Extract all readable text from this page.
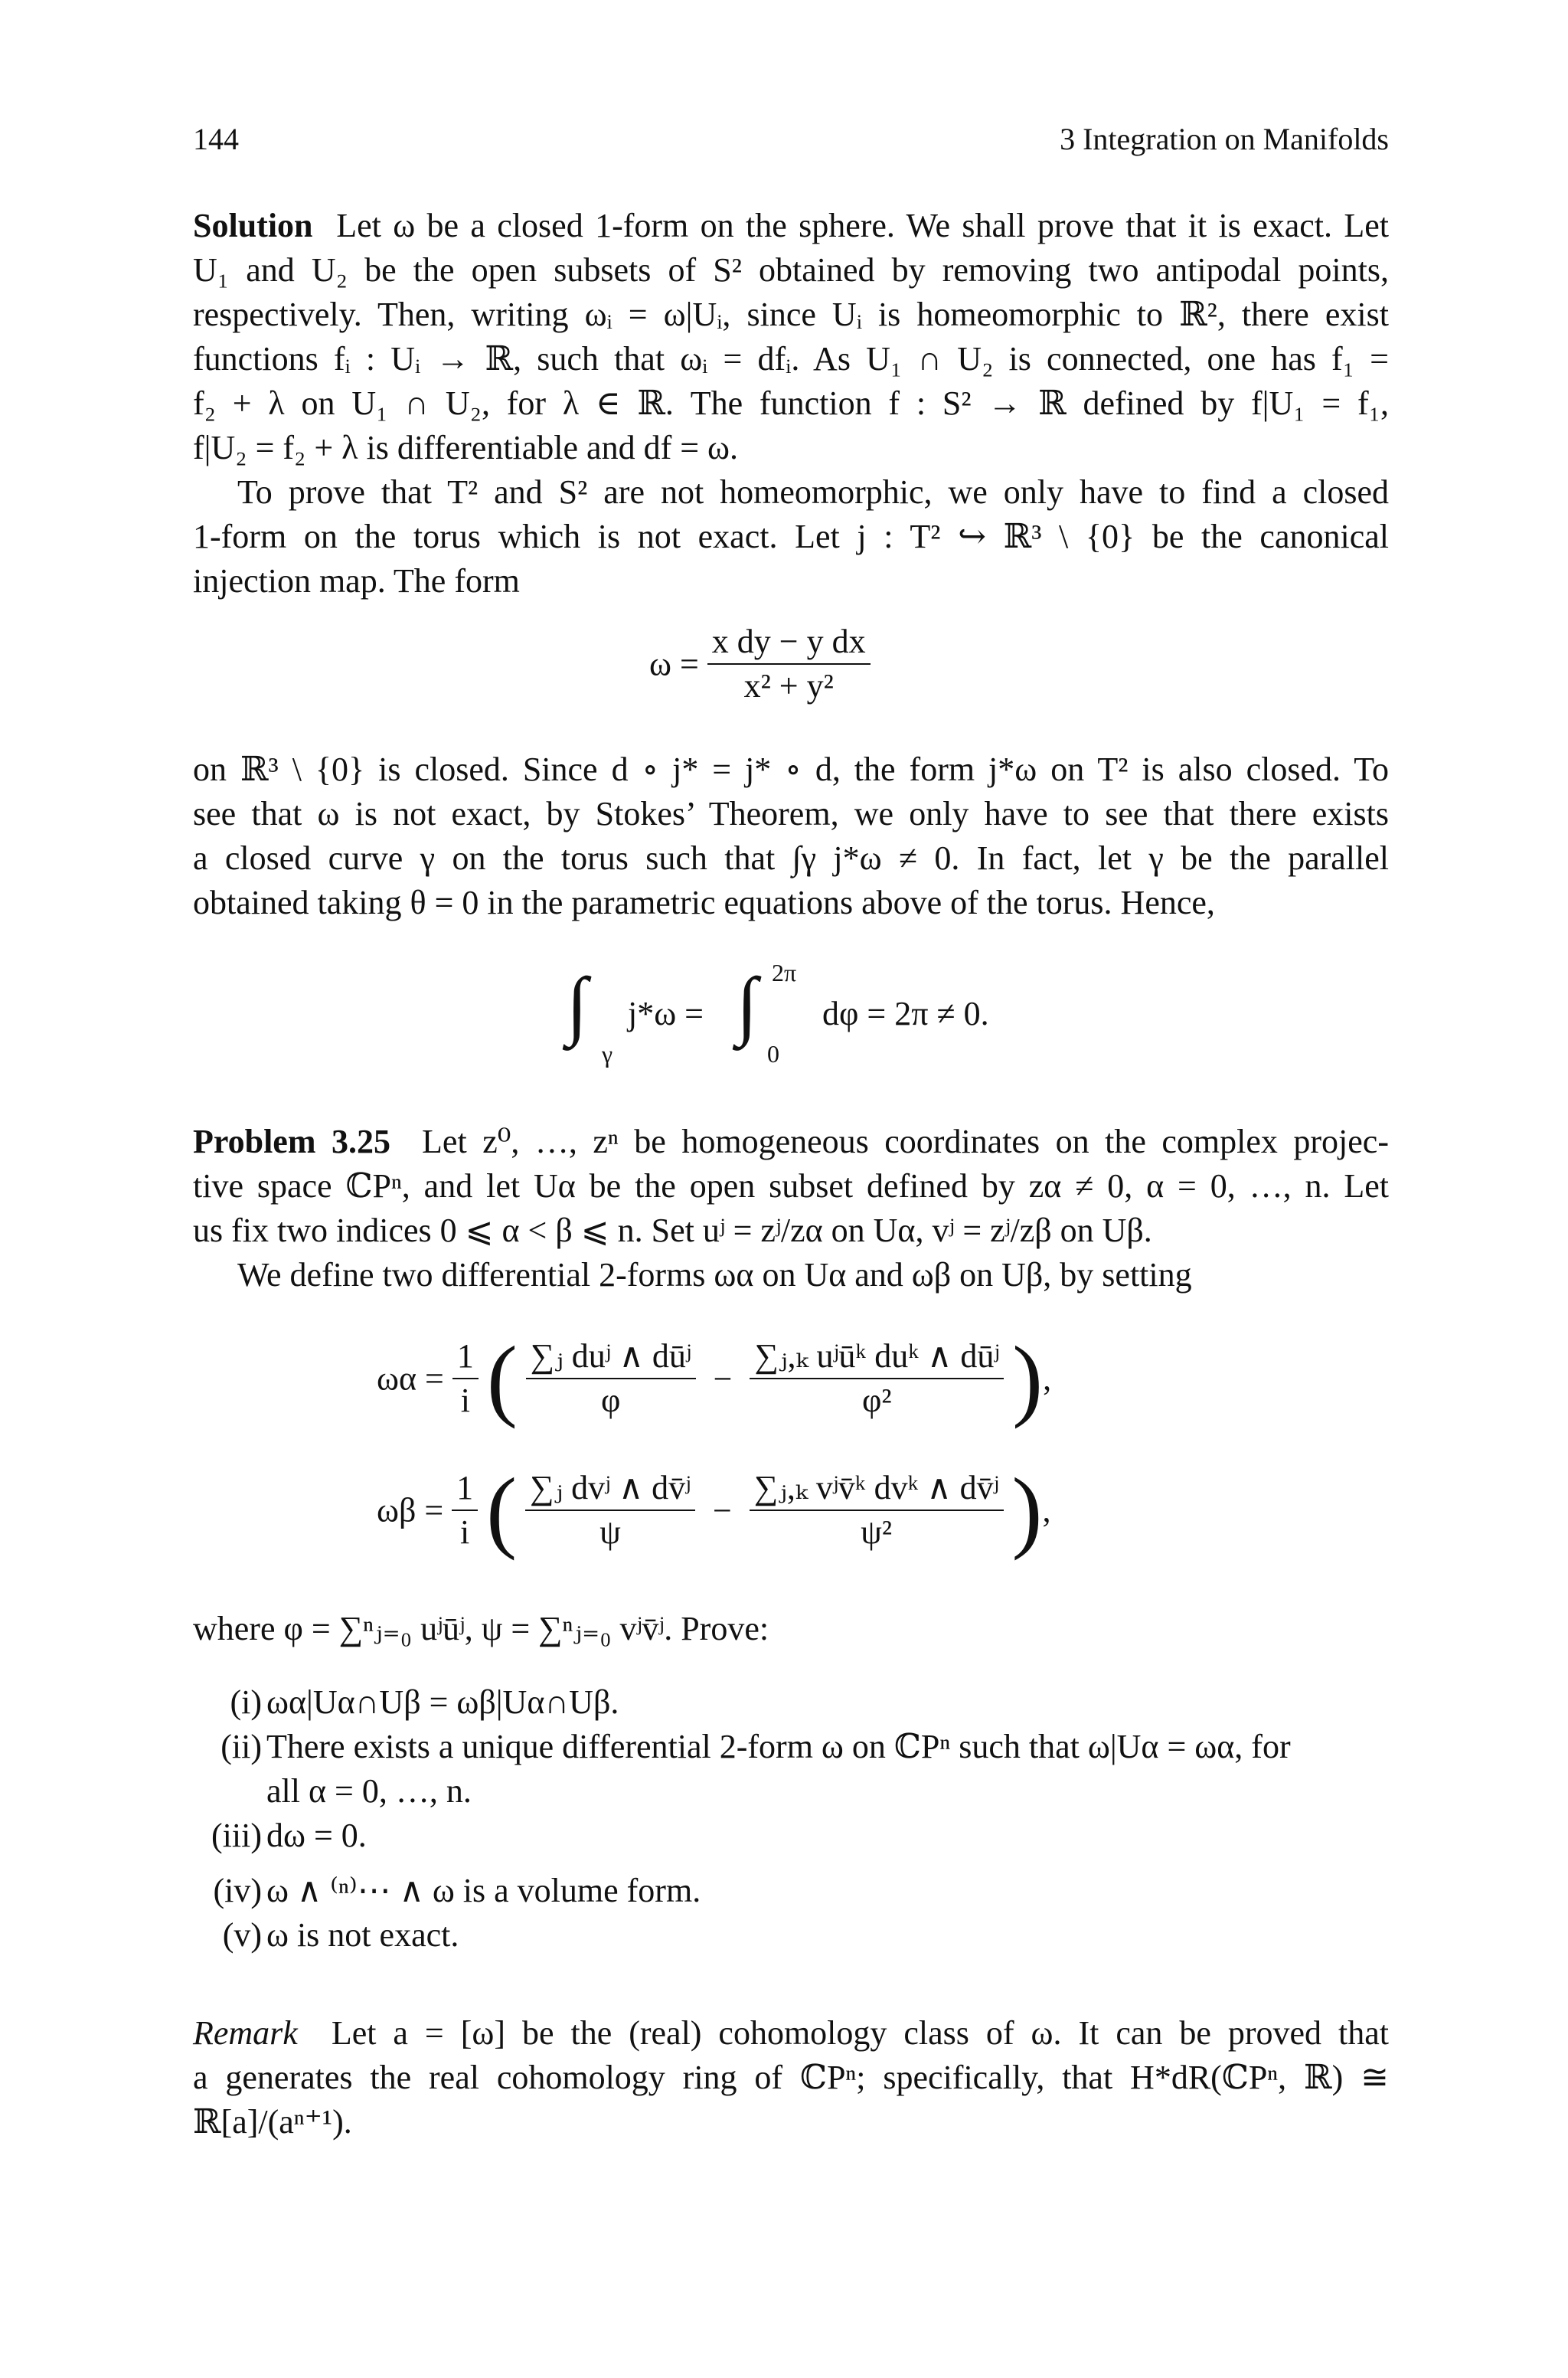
144	3 Integration on Manifolds
Solution Let ω be a closed 1-form on the sphere. We shall prove that it is exact. Let
U₁ and U₂ be the open subsets of S² obtained by removing two antipodal points,
respectively. Then, writing ωᵢ = ω|Uᵢ, since Uᵢ is homeomorphic to ℝ², there exist
functions fᵢ : Uᵢ → ℝ, such that ωᵢ = dfᵢ. As U₁ ∩ U₂ is connected, one has f₁ =
f₂ + λ on U₁ ∩ U₂, for λ ∈ ℝ. The function f : S² → ℝ defined by f|U₁ = f₁,
f|U₂ = f₂ + λ is differentiable and df = ω.
To prove that T² and S² are not homeomorphic, we only have to find a closed
1-form on the torus which is not exact. Let j : T² ↪ ℝ³ \ {0} be the canonical
injection map. The form
$\omega = \frac{\text{x dy − y dx}}{\text{x² + y²}}$
on ℝ³ \ {0} is closed. Since d ∘ j* = j* ∘ d, the form j*ω on T² is also closed. To
see that ω is not exact, by Stokes’ Theorem, we only have to see that there exists
a closed curve γ on the torus such that ∫γ j*ω ≠ 0. In fact, let γ be the parallel
obtained taking θ = 0 in the parametric equations above of the torus. Hence,
∫
γ
j*ω = ∫ 2π
0
dφ = 2π ≠ 0.
Problem 3.25 Let z⁰, …, zⁿ be homogeneous coordinates on the complex projec-
tive space ℂPⁿ, and let Uα be the open subset defined by zα ≠ 0, α = 0, …, n. Let
us fix two indices 0 ⩽ α < β ⩽ n. Set uʲ = zʲ/zα on Uα, vʲ = zʲ/zβ on Uβ.
We define two differential 2-forms ωα on Uα and ωβ on Uβ, by setting
$\omega\alpha = \frac{1}{i}$ ( $\frac{\text{∑ⱼ duʲ ∧ dūʲ}}{\varphi} - \frac{\text{∑ⱼ,ₖ uʲūᵏ duᵏ ∧ dūʲ}}{\text{φ²}}$ ),
$\omega\beta = \frac{1}{i}$ ( $\frac{\text{∑ⱼ dvʲ ∧ dv̄ʲ}}{\psi} - \frac{\text{∑ⱼ,ₖ vʲv̄ᵏ dvᵏ ∧ dv̄ʲ}}{\text{ψ²}}$ ),
where φ = ∑ⁿⱼ₌₀ uʲūʲ, ψ = ∑ⁿⱼ₌₀ vʲv̄ʲ. Prove:
(i) ωα|Uα∩Uβ = ωβ|Uα∩Uβ.
(ii) There exists a unique differential 2-form ω on ℂPⁿ such that ω|Uα = ωα, for
all α = 0, …, n.
(iii) dω = 0.
(iv) ω ∧ ⁽ⁿ⁾⋯ ∧ ω is a volume form.
(v) ω is not exact.
Remark Let a = [ω] be the (real) cohomology class of ω. It can be proved that
a generates the real cohomology ring of ℂPⁿ; specifically, that H*dR(ℂPⁿ, ℝ) ≅
ℝ[a]/(aⁿ⁺¹).
